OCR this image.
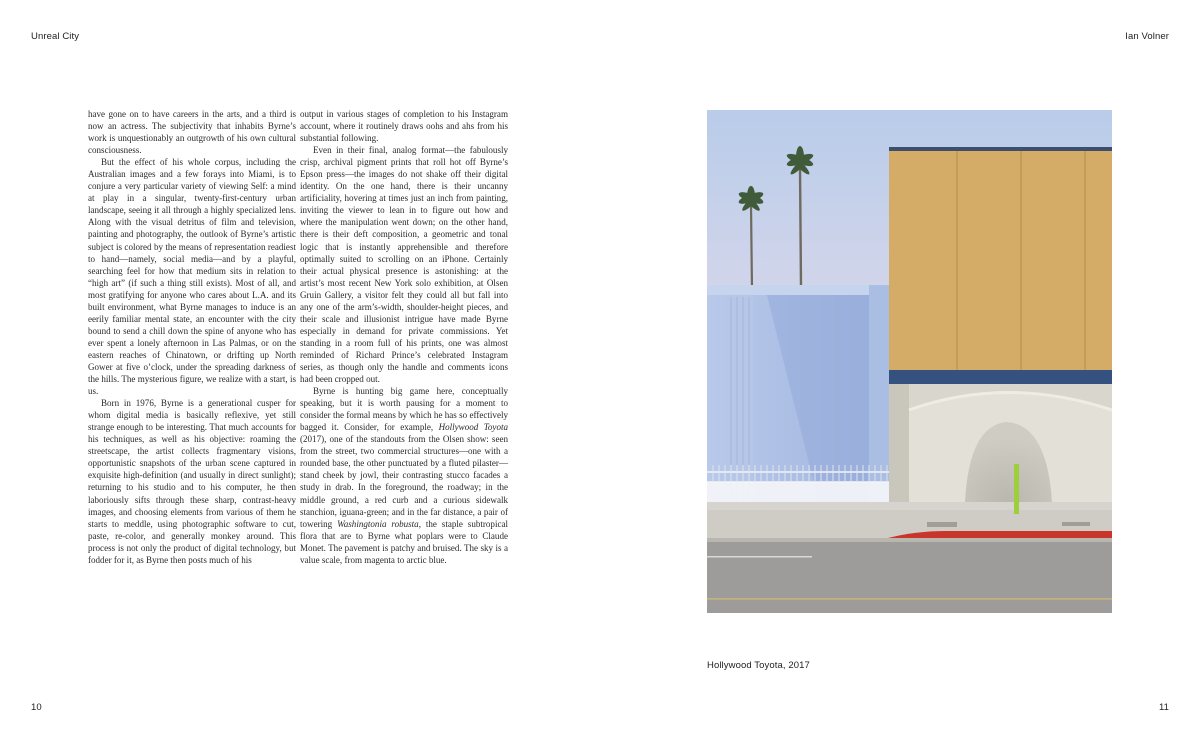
Unreal City	Ian Volner

have gone on to have careers in the arts, and a third is now an actress. The subjectivity that inhabits Byrne’s work is unquestionably an outgrowth of his own cultural consciousness.

But the effect of his whole corpus, including the Australian images and a few forays into Miami, is to conjure a very particular variety of viewing Self: a mind at play in a singular, twenty-first-century urban landscape, seeing it all through a highly specialized lens. Along with the visual detritus of film and television, painting and photography, the outlook of Byrne’s artistic subject is colored by the means of representation readiest to hand—namely, social media—and by a playful, searching feel for how that medium sits in relation to “high art” (if such a thing still exists). Most of all, and most gratifying for anyone who cares about L.A. and its built environment, what Byrne manages to induce is an eerily familiar mental state, an encounter with the city bound to send a chill down the spine of anyone who has ever spent a lonely afternoon in Las Palmas, or on the eastern reaches of Chinatown, or drifting up North Gower at five o’clock, under the spreading darkness of the hills. The mysterious figure, we realize with a start, is us.

Born in 1976, Byrne is a generational cusper for whom digital media is basically reflexive, yet still strange enough to be interesting. That much accounts for his techniques, as well as his objective: roaming the streetscape, the artist collects fragmentary visions, opportunistic snapshots of the urban scene captured in exquisite high-definition (and usually in direct sunlight); returning to his studio and to his computer, he then laboriously sifts through these sharp, contrast-heavy images, and choosing elements from various of them he starts to meddle, using photographic software to cut, paste, re-color, and generally monkey around. This process is not only the product of digital technology, but fodder for it, as Byrne then posts much of his

output in various stages of completion to his Instagram account, where it routinely draws oohs and ahs from his substantial following.

Even in their final, analog format—the fabulously crisp, archival pigment prints that roll hot off Byrne’s Epson press—the images do not shake off their digital identity. On the one hand, there is their uncanny artificiality, hovering at times just an inch from painting, inviting the viewer to lean in to figure out how and where the manipulation went down; on the other hand, there is their deft composition, a geometric and tonal logic that is instantly apprehensible and therefore optimally suited to scrolling on an iPhone. Certainly their actual physical presence is astonishing: at the artist’s most recent New York solo exhibition, at Olsen Gruin Gallery, a visitor felt they could all but fall into any one of the arm’s-width, shoulder-height pieces, and their scale and illusionist intrigue have made Byrne especially in demand for private commissions. Yet standing in a room full of his prints, one was almost reminded of Richard Prince’s celebrated Instagram series, as though only the handle and comments icons had been cropped out.

Byrne is hunting big game here, conceptually speaking, but it is worth pausing for a moment to consider the formal means by which he has so effectively bagged it. Consider, for example, Hollywood Toyota (2017), one of the standouts from the Olsen show: seen from the street, two commercial structures—one with a rounded base, the other punctuated by a fluted pilaster—stand cheek by jowl, their contrasting stucco facades a study in drab. In the foreground, the roadway; in the middle ground, a red curb and a curious sidewalk stanchion, iguana-green; and in the far distance, a pair of towering Washingtonia robusta, the staple subtropical flora that are to Byrne what poplars were to Claude Monet. The pavement is patchy and bruised. The sky is a value scale, from magenta to arctic blue.

Hollywood Toyota, 2017
10	11
